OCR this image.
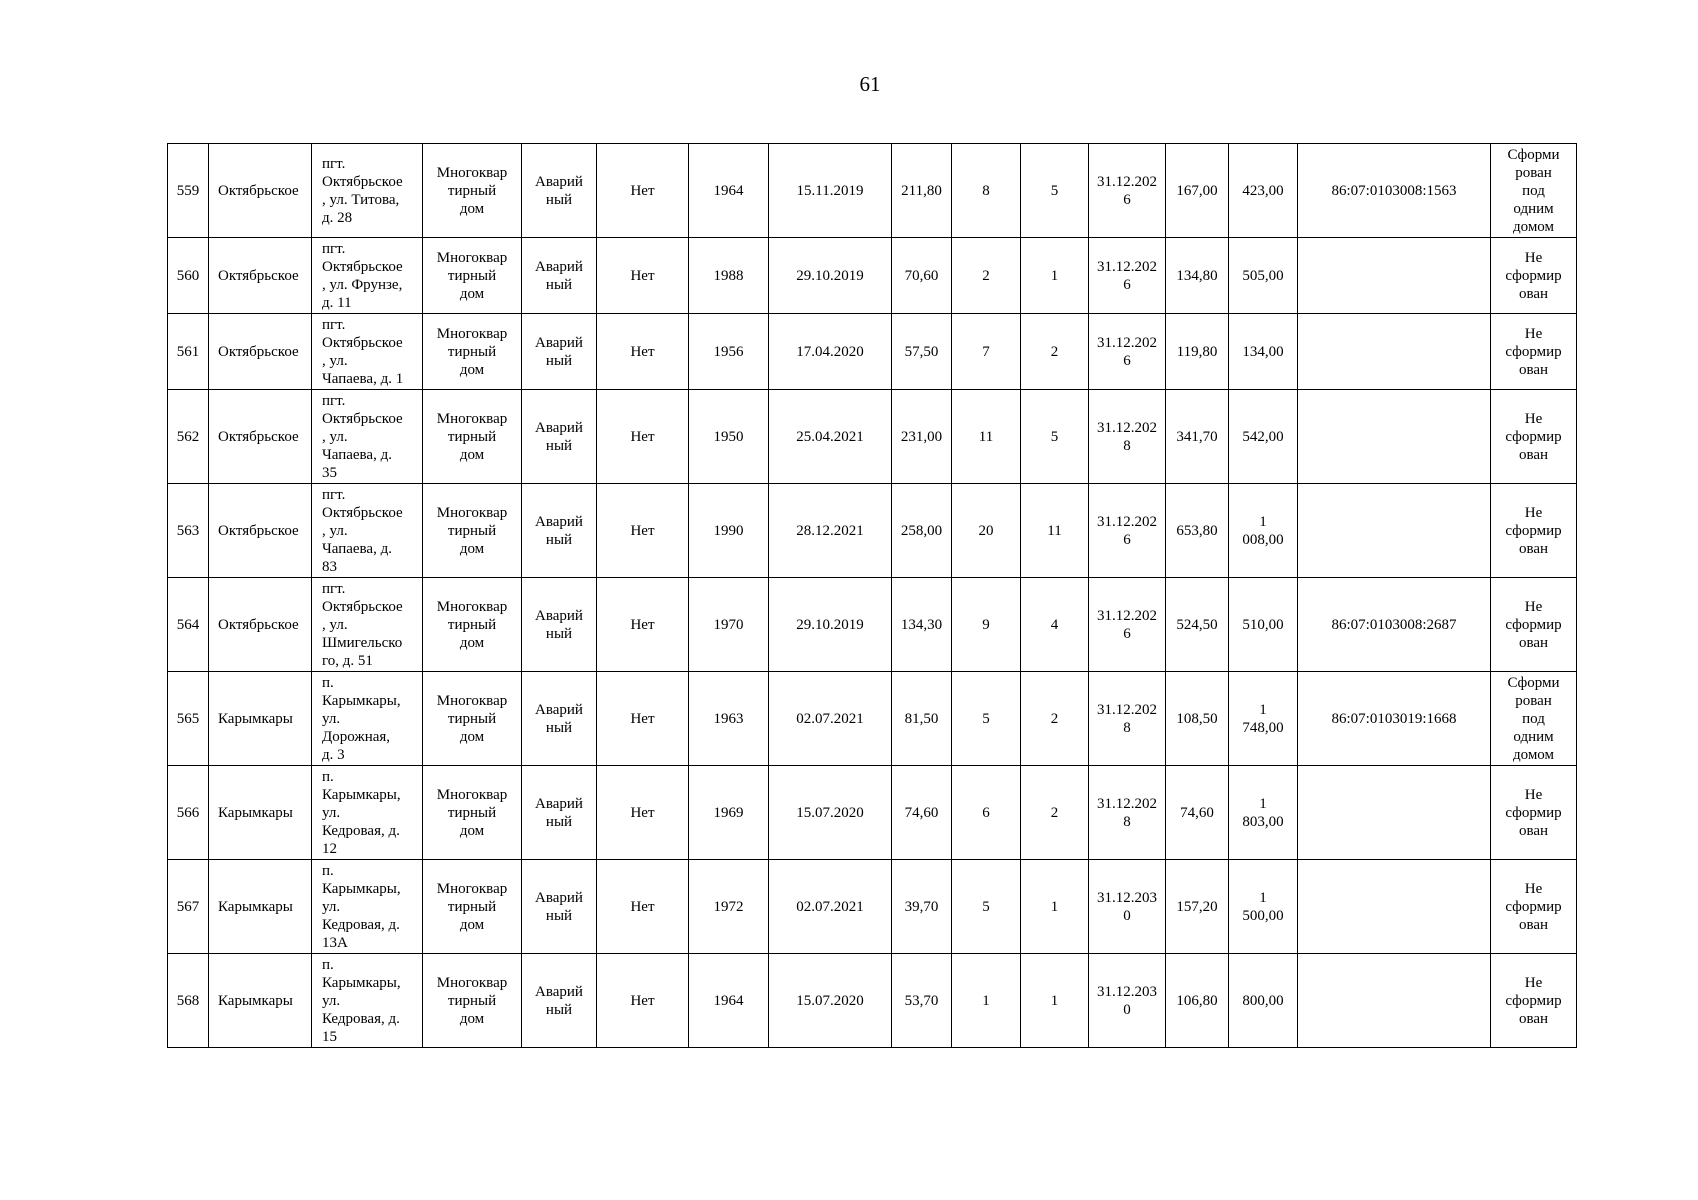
61
559	Октябрьское	пгт.
Октябрьское
, ул. Титова,
д. 28	Многоквар
тирный
дом	Аварий
ный	Нет	1964	15.11.2019	211,80	8	5	31.12.2026	167,00	423,00	86:07:0103008:1563	Сформи
рован
под
одним
домом
560	Октябрьское	пгт.
Октябрьское
, ул. Фрунзе,
д. 11	Многоквар
тирный
дом	Аварий
ный	Нет	1988	29.10.2019	70,60	2	1	31.12.2026	134,80	505,00		Не
сформир
ован
561	Октябрьское	пгт.
Октябрьское
, ул.
Чапаева, д. 1	Многоквар
тирный
дом	Аварий
ный	Нет	1956	17.04.2020	57,50	7	2	31.12.2026	119,80	134,00		Не
сформир
ован
562	Октябрьское	пгт.
Октябрьское
, ул.
Чапаева, д.
35	Многоквар
тирный
дом	Аварий
ный	Нет	1950	25.04.2021	231,00	11	5	31.12.2028	341,70	542,00		Не
сформир
ован
563	Октябрьское	пгт.
Октябрьское
, ул.
Чапаева, д.
83	Многоквар
тирный
дом	Аварий
ный	Нет	1990	28.12.2021	258,00	20	11	31.12.2026	653,80	1
008,00		Не
сформир
ован
564	Октябрьское	пгт.
Октябрьское
, ул.
Шмигельско
го, д. 51	Многоквар
тирный
дом	Аварий
ный	Нет	1970	29.10.2019	134,30	9	4	31.12.2026	524,50	510,00	86:07:0103008:2687	Не
сформир
ован
565	Карымкары	п.
Карымкары,
ул.
Дорожная,
д. 3	Многоквар
тирный
дом	Аварий
ный	Нет	1963	02.07.2021	81,50	5	2	31.12.2028	108,50	1
748,00	86:07:0103019:1668	Сформи
рован
под
одним
домом
566	Карымкары	п.
Карымкары,
ул.
Кедровая, д.
12	Многоквар
тирный
дом	Аварий
ный	Нет	1969	15.07.2020	74,60	6	2	31.12.2028	74,60	1
803,00		Не
сформир
ован
567	Карымкары	п.
Карымкары,
ул.
Кедровая, д.
13А	Многоквар
тирный
дом	Аварий
ный	Нет	1972	02.07.2021	39,70	5	1	31.12.2030	157,20	1
500,00		Не
сформир
ован
568	Карымкары	п.
Карымкары,
ул.
Кедровая, д.
15	Многоквар
тирный
дом	Аварий
ный	Нет	1964	15.07.2020	53,70	1	1	31.12.2030	106,80	800,00		Не
сформир
ован
